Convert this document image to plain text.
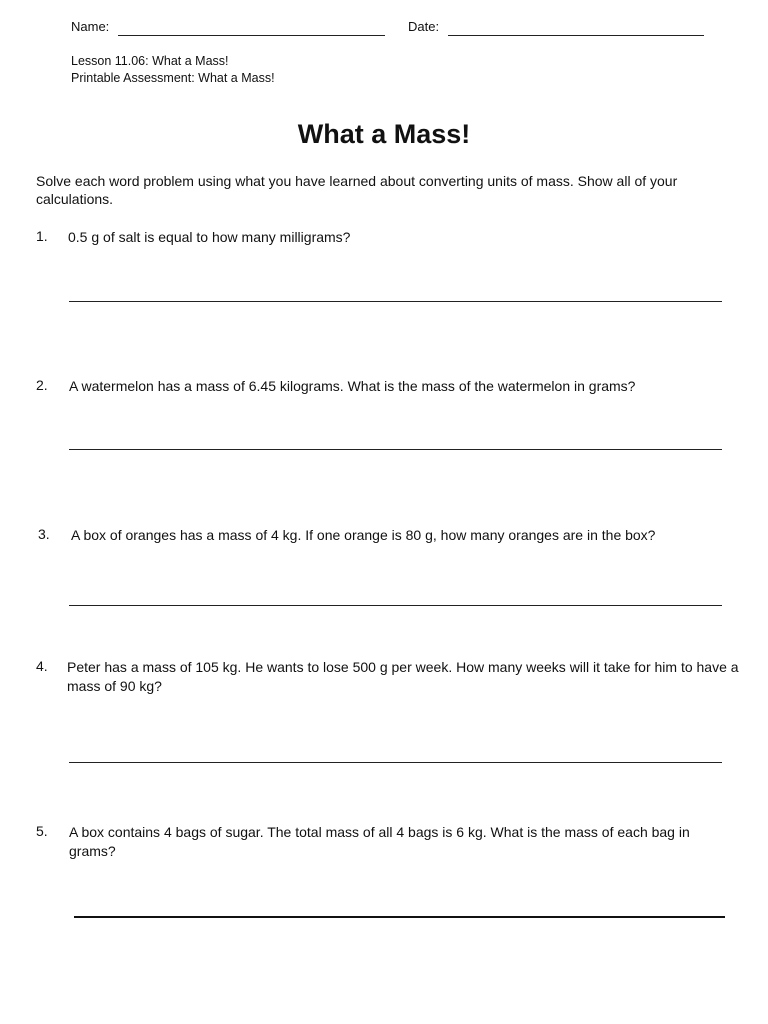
Name:	Date:
Lesson 11.06: What a Mass!
Printable Assessment: What a Mass!
What a Mass!
Solve each word problem using what you have learned about converting units of mass. Show all of your calculations.
1. 0.5 g of salt is equal to how many milligrams?
2. A watermelon has a mass of 6.45 kilograms. What is the mass of the watermelon in grams?
3. A box of oranges has a mass of 4 kg. If one orange is 80 g, how many oranges are in the box?
4. Peter has a mass of 105 kg. He wants to lose 500 g per week. How many weeks will it take for him to have a mass of 90 kg?
5. A box contains 4 bags of sugar. The total mass of all 4 bags is 6 kg. What is the mass of each bag in grams?
